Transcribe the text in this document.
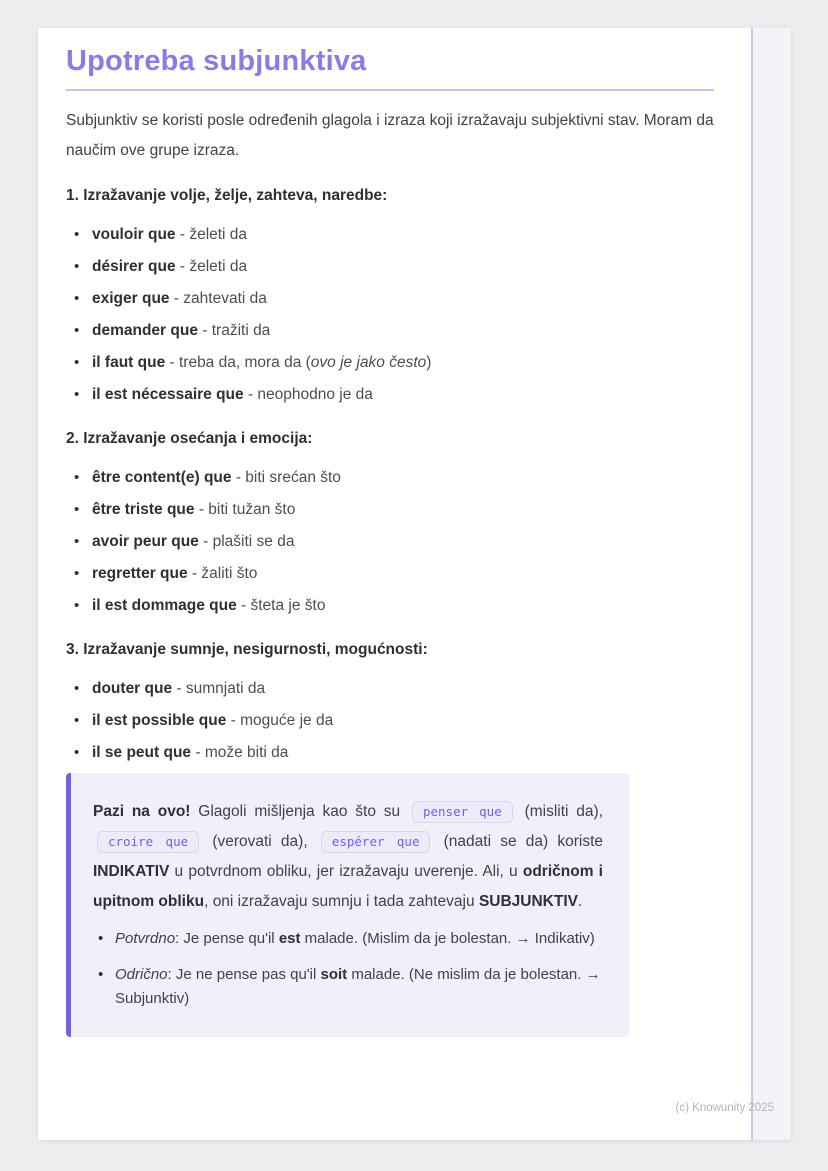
Upotreba subjunktiva

Subjunktiv se koristi posle određenih glagola i izraza koji izražavaju subjektivni stav. Moram da naučim ove grupe izraza.

1. Izražavanje volje, želje, zahteva, naredbe:

• vouloir que - želeti da
• désirer que - želeti da
• exiger que - zahtevati da
• demander que - tražiti da
• il faut que - treba da, mora da (ovo je jako često)
• il est nécessaire que - neophodno je da

2. Izražavanje osećanja i emocija:

• être content(e) que - biti srećan što
• être triste que - biti tužan što
• avoir peur que - plašiti se da
• regretter que - žaliti što
• il est dommage que - šteta je što

3. Izražavanje sumnje, nesigurnosti, mogućnosti:

• douter que - sumnjati da
• il est possible que - moguće je da
• il se peut que - može biti da

Pazi na ovo! Glagoli mišljenja kao što su penser que (misliti da), croire que (verovati da), espérer que (nadati se da) koriste INDIKATIV u potvrdnom obliku, jer izražavaju uverenje. Ali, u odričnom i upitnom obliku, oni izražavaju sumnju i tada zahtevaju SUBJUNKTIV.

• Potvrdno: Je pense qu'il est malade. (Mislim da je bolestan. → Indikativ)
• Odrično: Je ne pense pas qu'il soit malade. (Ne mislim da je bolestan. → Subjunktiv)
(c) Knowunity 2025
